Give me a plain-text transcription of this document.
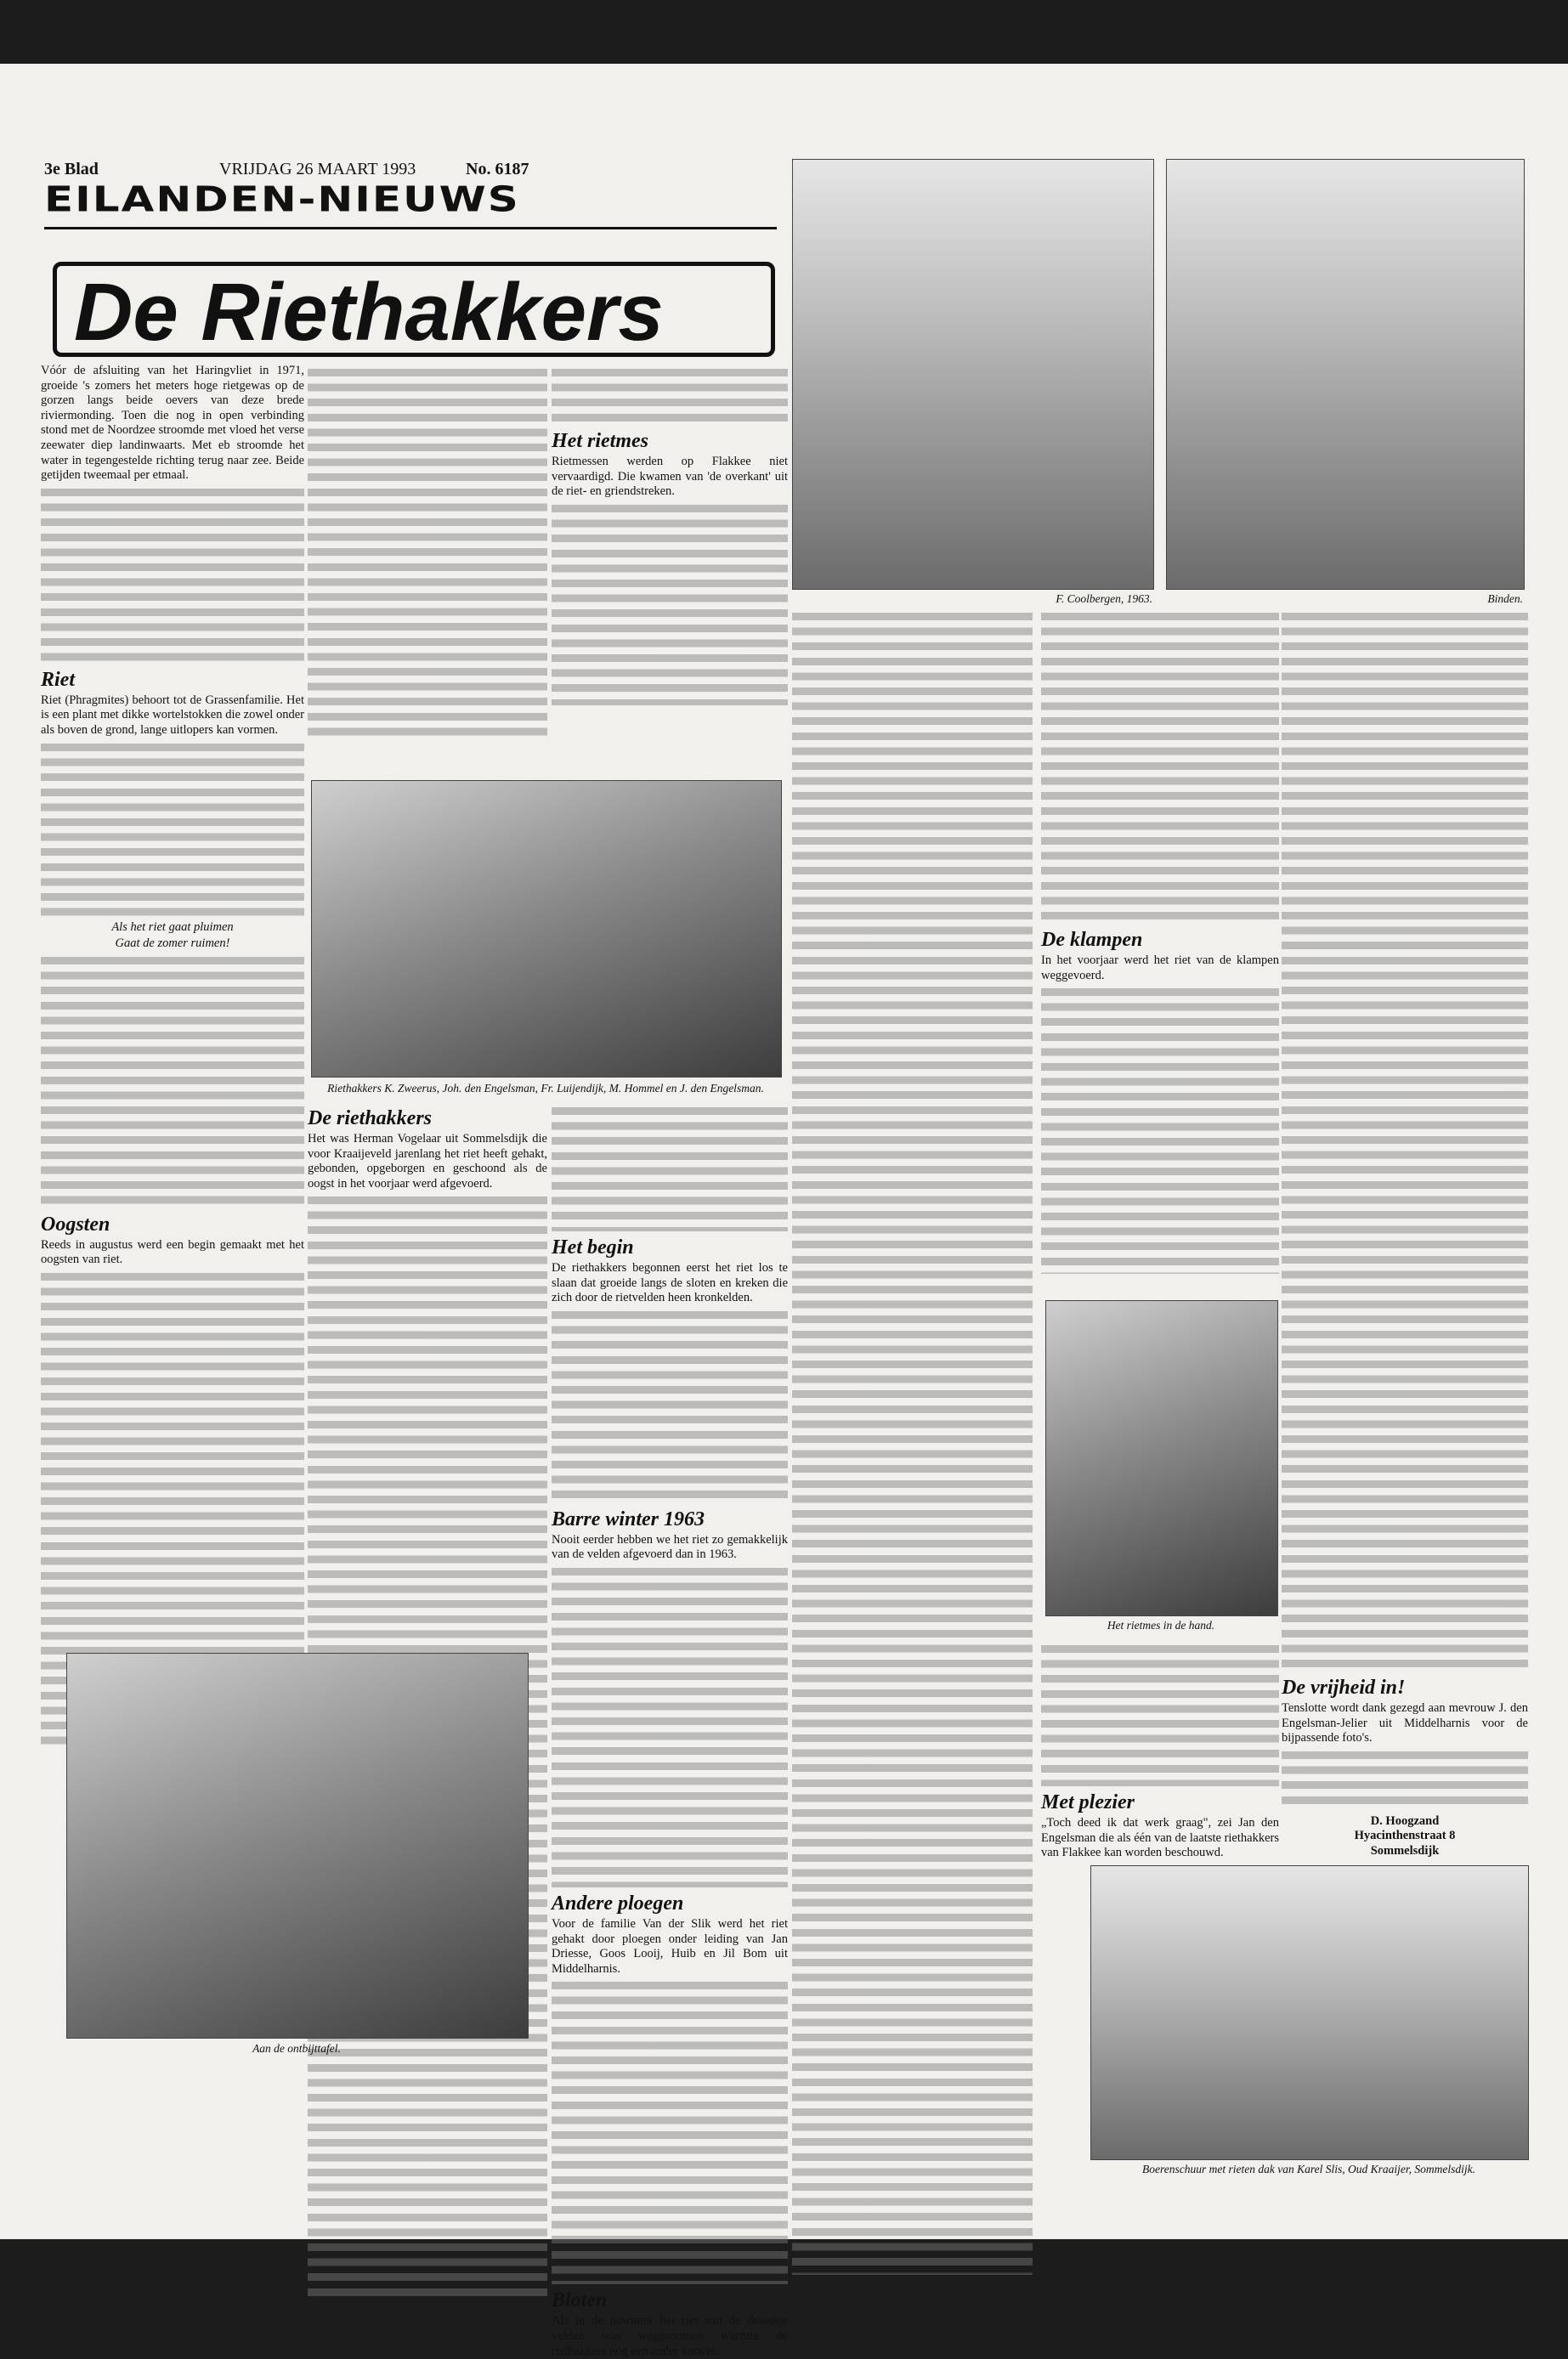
3e Blad	VRIJDAG 26 MAART 1993	No. 6187
EILANDEN-NIEUWS
De Riethakkers

Vóór de afsluiting van het Haringvliet in 1971, groeide 's zomers het meters hoge rietgewas op de gorzen langs beide oevers van deze brede riviermonding. Toen die nog in open verbinding stond met de Noordzee stroomde met vloed het verse zeewater diep landinwaarts. Met eb stroomde het water in tegengestelde richting terug naar zee. Beide getijden tweemaal per etmaal.

Riet

Riet (Phragmites) behoort tot de Grassenfamilie. Het is een plant met dikke wortelstokken die zowel onder als boven de grond, lange uitlopers kan vormen.

Als het riet gaat pluimen

Gaat de zomer ruimen!

Oogsten

Reeds in augustus werd een begin gemaakt met het oogsten van riet.

Het rietmes

Rietmessen werden op Flakkee niet vervaardigd. Die kwamen van 'de overkant' uit de riet- en griendstreken.

Riethakkers K. Zweerus, Joh. den Engelsman, Fr. Luijendijk, M. Hommel en J. den Engelsman.
De riethakkers

Het was Herman Vogelaar uit Sommelsdijk die voor Kraaijeveld jarenlang het riet heeft gehakt, gebonden, opgeborgen en geschoond als de oogst in het voorjaar werd afgevoerd.

Het begin

De riethakkers begonnen eerst het riet los te slaan dat groeide langs de sloten en kreken die zich door de rietvelden heen kronkelden.

Barre winter 1963

Nooit eerder hebben we het riet zo gemakkelijk van de velden afgevoerd dan in 1963.

Andere ploegen

Voor de familie Van der Slik werd het riet gehakt door ploegen onder leiding van Jan Driesse, Goos Looij, Huib en Jil Bom uit Middelharnis.

Bloten

Als in de nawinter het riet van de drassige velden was weggenomen wachtte de riethakkers nog een ander karwei.

Aan de ontbijttafel.
F. Coolbergen, 1963.	Binden.
De klampen

In het voorjaar werd het riet van de klampen weggevoerd.

Het rietmes in de hand.
Met plezier

„Toch deed ik dat werk graag", zei Jan den Engelsman die als één van de laatste riethakkers van Flakkee kan worden beschouwd.

De vrijheid in!

Tenslotte wordt dank gezegd aan mevrouw J. den Engelsman-Jelier uit Middelharnis voor de bijpassende foto's.

D. Hoogzand

Hyacinthenstraat 8

Sommelsdijk

Boerenschuur met rieten dak van Karel Slis, Oud Kraaijer, Sommelsdijk.
